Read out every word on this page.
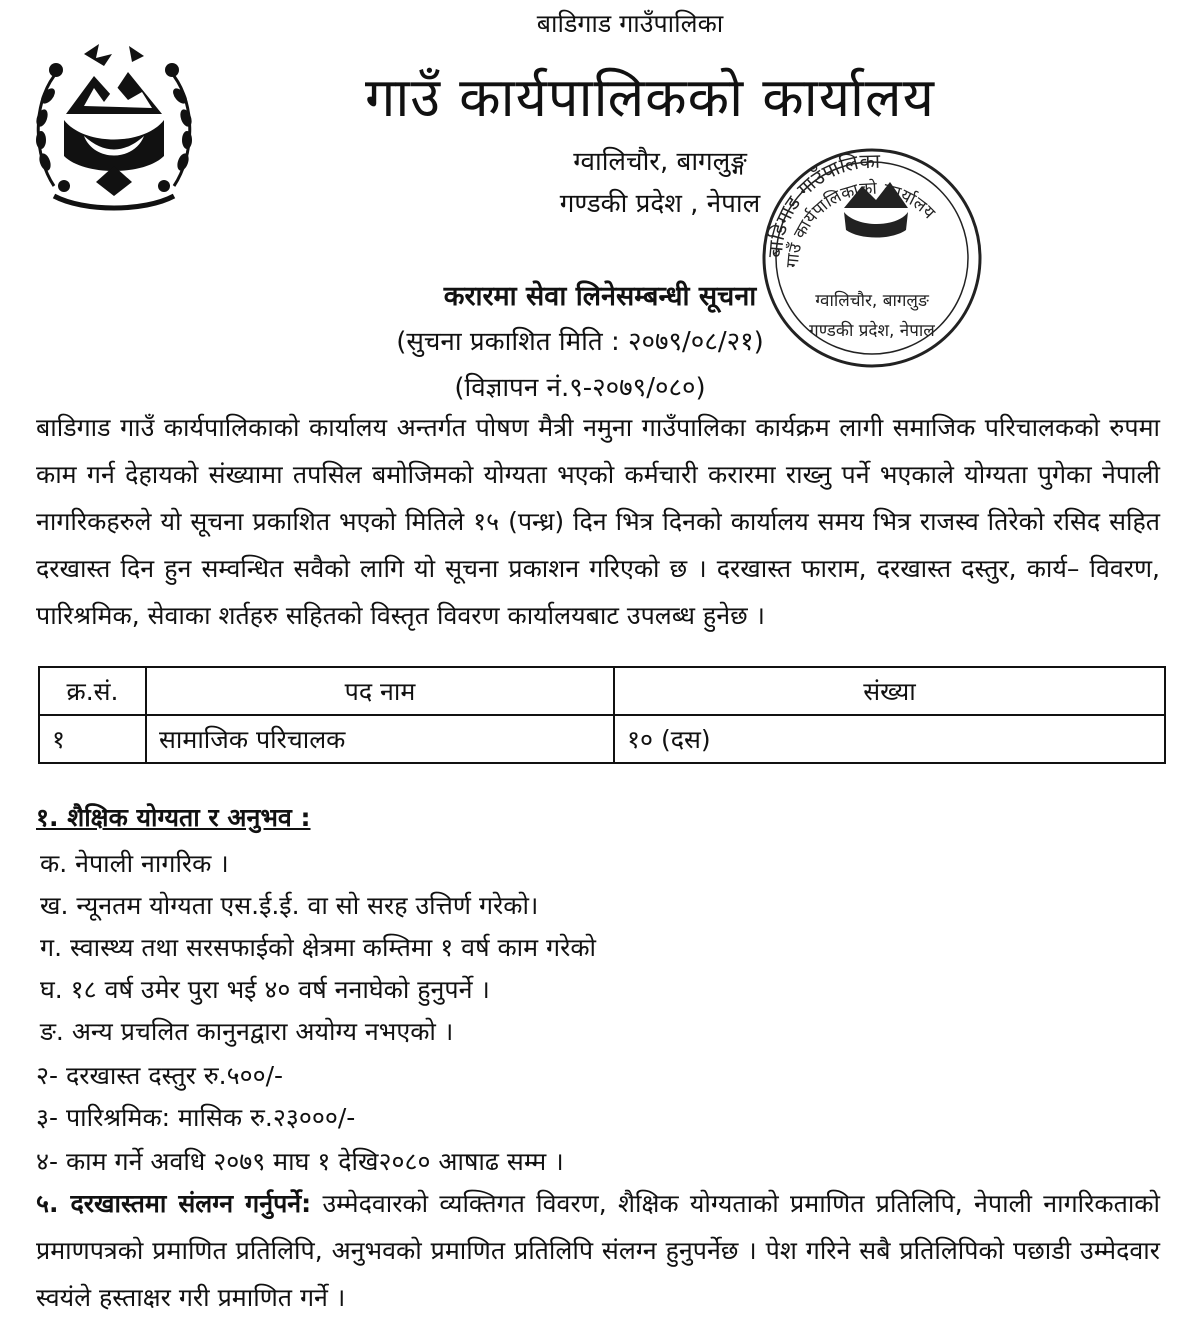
बाडिगाड गाउँपालिका
गाउँ कार्यपालिकको कार्यालय
ग्वालिचौर, बागलुङ्ग
गण्डकी प्रदेश , नेपाल
बाडिगाड गाउँपालिका
गाउँ कार्यपालिकाको कार्यालय
ग्वालिचौर, बागलुङ
गण्डकी प्रदेश, नेपाल
करारमा सेवा लिनेसम्बन्धी सूचना
(सुचना प्रकाशित मिति : २०७९/०८/२१)
(विज्ञापन नं.९-२०७९/०८०)
बाडिगाड गाउँ कार्यपालिकाको कार्यालय अन्तर्गत पोषण मैत्री नमुना गाउँपालिका कार्यक्रम लागी समाजिक परिचालकको रुपमा काम गर्न देहायको संख्यामा तपसिल बमोजिमको योग्यता भएको कर्मचारी करारमा राख्नु पर्ने भएकाले योग्यता पुगेका नेपाली नागरिकहरुले यो सूचना प्रकाशित भएको मितिले १५ (पन्ध्र) दिन भित्र दिनको कार्यालय समय भित्र राजस्व तिरेको रसिद सहित दरखास्त दिन हुन सम्वन्धित सवैको लागि यो सूचना प्रकाशन गरिएको छ । दरखास्त फाराम, दरखास्त दस्तुर, कार्य– विवरण, पारिश्रमिक, सेवाका शर्तहरु सहितको विस्तृत विवरण कार्यालयबाट उपलब्ध हुनेछ ।
क्र.सं.	पद नाम	संख्या
१	सामाजिक परिचालक	१० (दस)
१. शैक्षिक योग्यता र अनुभव :
क. नेपाली नागरिक ।
ख. न्यूनतम योग्यता एस.ई.ई. वा सो सरह उत्तिर्ण गरेको।
ग. स्वास्थ्य तथा सरसफाईको क्षेत्रमा कम्तिमा १ वर्ष काम गरेको
घ. १८ वर्ष उमेर पुरा भई ४० वर्ष ननाघेको हुनुपर्ने ।
ङ. अन्य प्रचलित कानुनद्वारा अयोग्य नभएको ।
२- दरखास्त दस्तुर रु.५००/-
३- पारिश्रमिक: मासिक रु.२३०००/-
४- काम गर्ने अवधि २०७९ माघ १ देखि२०८० आषाढ सम्म ।
५. दरखास्तमा संलग्न गर्नुपर्ने: उम्मेदवारको व्यक्तिगत विवरण, शैक्षिक योग्यताको प्रमाणित प्रतिलिपि, नेपाली नागरिकताको प्रमाणपत्रको प्रमाणित प्रतिलिपि, अनुभवको प्रमाणित प्रतिलिपि संलग्न हुनुपर्नेछ । पेश गरिने सबै प्रतिलिपिको पछाडी उम्मेदवार स्वयंले हस्ताक्षर गरी प्रमाणित गर्ने ।
